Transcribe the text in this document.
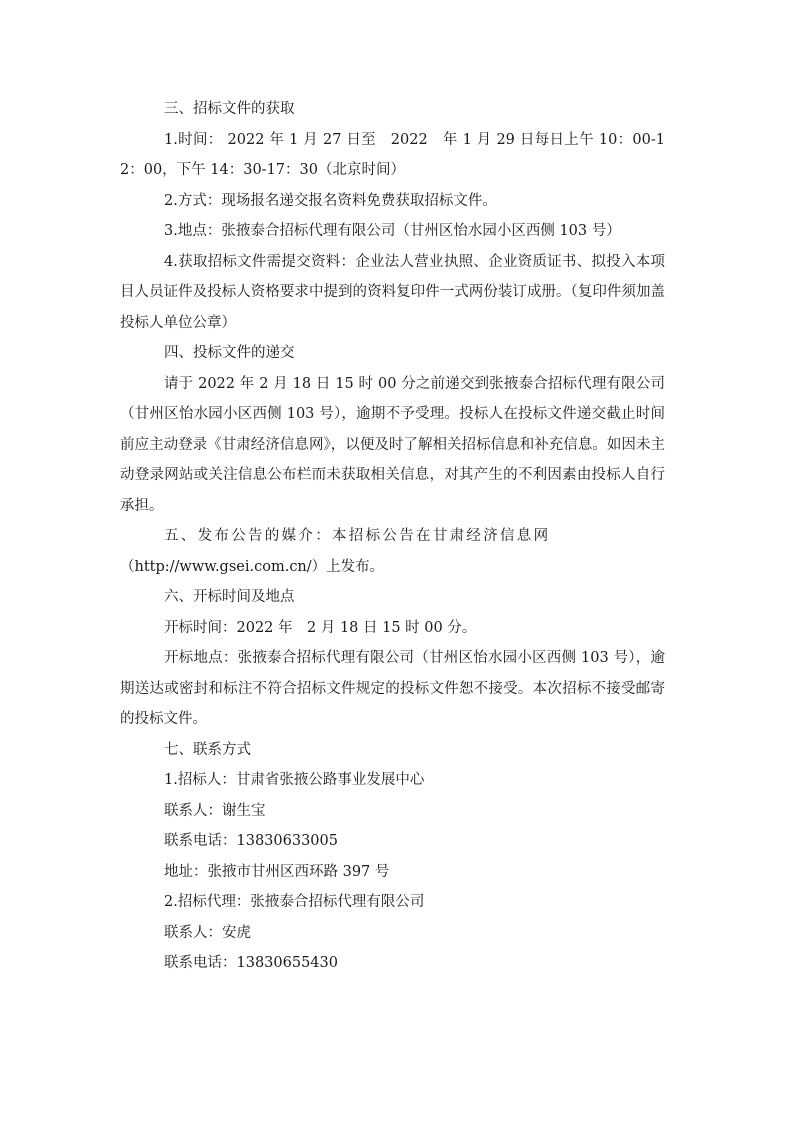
三、招标文件的获取

1.时间： 2022 年 1 月 27 日至　2022　年 1 月 29 日每日上午 10：00-12：00，下午 14：30-17：30（北京时间）

2.方式：现场报名递交报名资料免费获取招标文件。

3.地点：张掖泰合招标代理有限公司（甘州区怡水园小区西侧 103 号）

4.获取招标文件需提交资料：企业法人营业执照、企业资质证书、拟投入本项目人员证件及投标人资格要求中提到的资料复印件一式两份装订成册。（复印件须加盖投标人单位公章）

四、投标文件的递交

请于 2022 年 2 月 18 日 15 时 00 分之前递交到张掖泰合招标代理有限公司（甘州区怡水园小区西侧 103 号），逾期不予受理。投标人在投标文件递交截止时间前应主动登录《甘肃经济信息网》，以便及时了解相关招标信息和补充信息。如因未主动登录网站或关注信息公布栏而未获取相关信息，对其产生的不利因素由投标人自行承担。

五、发布公告的媒介：本招标公告在甘肃经济信息网

（http://www.gsei.com.cn/）上发布。

六、开标时间及地点

开标时间：2022 年　2 月 18 日 15 时 00 分。

开标地点：张掖泰合招标代理有限公司（甘州区怡水园小区西侧 103 号），逾期送达或密封和标注不符合招标文件规定的投标文件恕不接受。本次招标不接受邮寄的投标文件。

七、联系方式

1.招标人：甘肃省张掖公路事业发展中心

联系人：谢生宝

联系电话：13830633005

地址：张掖市甘州区西环路 397 号

2.招标代理：张掖泰合招标代理有限公司

联系人：安虎

联系电话：13830655430
